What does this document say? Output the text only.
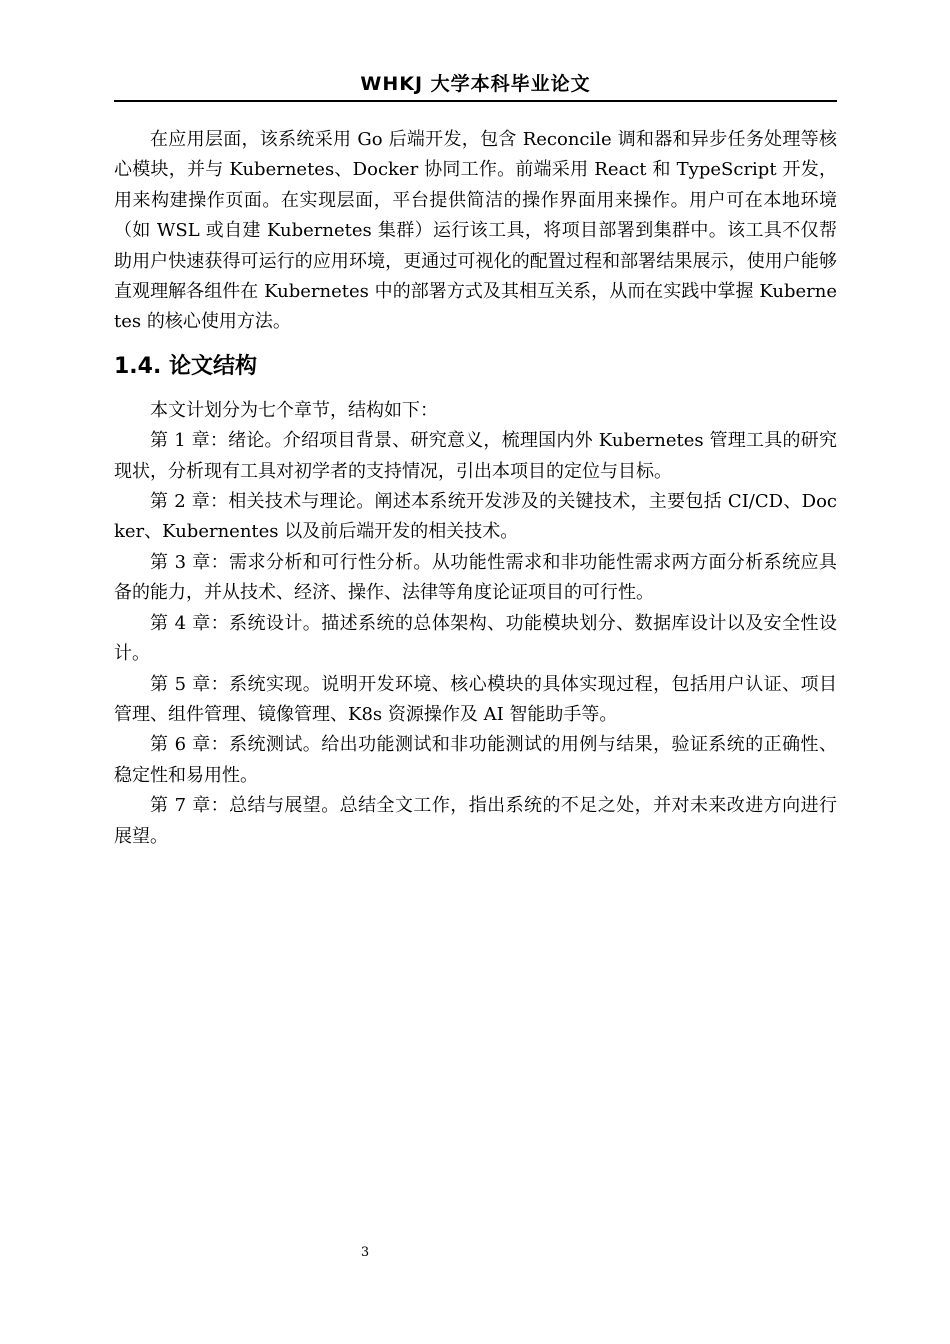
WHKJ 大学本科毕业论文

在应用层面，该系统采用 Go 后端开发，包含 Reconcile 调和器和异步任务处理等核心模块，并与 Kubernetes、Docker 协同工作。前端采用 React 和 TypeScript 开发，用来构建操作页面。在实现层面，平台提供简洁的操作界面用来操作。用户可在本地环境（如 WSL 或自建 Kubernetes 集群）运行该工具，将项目部署到集群中。该工具不仅帮助用户快速获得可运行的应用环境，更通过可视化的配置过程和部署结果展示，使用户能够直观理解各组件在 Kubernetes 中的部署方式及其相互关系，从而在实践中掌握 Kubernetes 的核心使用方法。

1.4. 论文结构

本文计划分为七个章节，结构如下：

第 1 章：绪论。介绍项目背景、研究意义，梳理国内外 Kubernetes 管理工具的研究现状，分析现有工具对初学者的支持情况，引出本项目的定位与目标。

第 2 章：相关技术与理论。阐述本系统开发涉及的关键技术，主要包括 CI/CD、Docker、Kubernentes 以及前后端开发的相关技术。

第 3 章：需求分析和可行性分析。从功能性需求和非功能性需求两方面分析系统应具备的能力，并从技术、经济、操作、法律等角度论证项目的可行性。

第 4 章：系统设计。描述系统的总体架构、功能模块划分、数据库设计以及安全性设计。

第 5 章：系统实现。说明开发环境、核心模块的具体实现过程，包括用户认证、项目管理、组件管理、镜像管理、K8s 资源操作及 AI 智能助手等。

第 6 章：系统测试。给出功能测试和非功能测试的用例与结果，验证系统的正确性、稳定性和易用性。

第 7 章：总结与展望。总结全文工作，指出系统的不足之处，并对未来改进方向进行展望。

3
